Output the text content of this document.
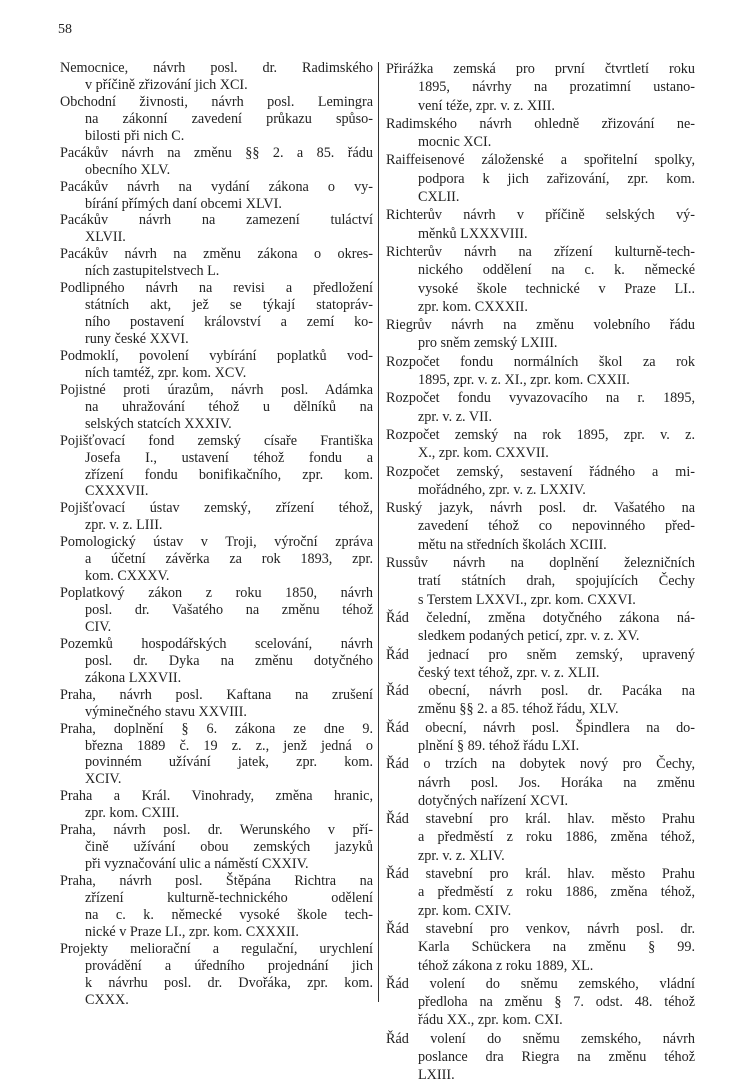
58
Nemocnice, návrh posl. dr. Radimského
v příčině zřizování jich XCI.
Obchodní živnosti, návrh posl. Lemingra
na zákonní zavedení průkazu spůso-
bilosti při nich C.
Pacákův návrh na změnu §§ 2. a 85. řádu
obecního XLV.
Pacákův návrh na vydání zákona o vy-
bírání přímých daní obcemi XLVI.
Pacákův návrh na zamezení tuláctví
XLVII.
Pacákův návrh na změnu zákona o okres-
ních zastupitelstvech L.
Podlipného návrh na revisi a předložení
státních akt, jež se týkají statopráv-
ního postavení království a zemí ko-
runy české XXVI.
Podmoklí, povolení vybírání poplatků vod-
ních tamtéž, zpr. kom. XCV.
Pojistné proti úrazům, návrh posl. Adámka
na uhražování téhož u dělníků na
selských statcích XXXIV.
Pojišťovací fond zemský císaře Františka
Josefa I., ustavení téhož fondu a
zřízení fondu bonifikačního, zpr. kom.
CXXXVII.
Pojišťovací ústav zemský, zřízení téhož,
zpr. v. z. LIII.
Pomologický ústav v Troji, výroční zpráva
a účetní závěrka za rok 1893, zpr.
kom. CXXXV.
Poplatkový zákon z roku 1850, návrh
posl. dr. Vašatého na změnu téhož
CIV.
Pozemků hospodářských scelování, návrh
posl. dr. Dyka na změnu dotyčného
zákona LXXVII.
Praha, návrh posl. Kaftana na zrušení
výminečného stavu XXVIII.
Praha, doplnění § 6. zákona ze dne 9.
března 1889 č. 19 z. z., jenž jedná o
povinném užívání jatek, zpr. kom.
XCIV.
Praha a Král. Vinohrady, změna hranic,
zpr. kom. CXIII.
Praha, návrh posl. dr. Werunského v pří-
čině užívání obou zemských jazyků
při vyznačování ulic a náměstí CXXIV.
Praha, návrh posl. Štěpána Richtra na
zřízení kulturně-technického odělení
na c. k. německé vysoké škole tech-
nické v Praze LI., zpr. kom. CXXXII.
Projekty meliorační a regulační, urychlení
provádění a úředního projednání jich
k návrhu posl. dr. Dvořáka, zpr. kom.
CXXX.
Přirážka zemská pro první čtvrtletí roku
1895, návrhy na prozatimní ustano-
vení téže, zpr. v. z. XIII.
Radimského návrh ohledně zřizování ne-
mocnic XCI.
Raiffeisenové záloženské a spořitelní spolky,
podpora k jich zařizování, zpr. kom.
CXLII.
Richterův návrh v příčině selských vý-
měnků LXXXVIII.
Richterův návrh na zřízení kulturně-tech-
nického oddělení na c. k. německé
vysoké škole technické v Praze LI..
zpr. kom. CXXXII.
Riegrův návrh na změnu volebního řádu
pro sněm zemský LXIII.
Rozpočet fondu normálních škol za rok
1895, zpr. v. z. XI., zpr. kom. CXXII.
Rozpočet fondu vyvazovacího na r. 1895,
zpr. v. z. VII.
Rozpočet zemský na rok 1895, zpr. v. z.
X., zpr. kom. CXXVII.
Rozpočet zemský, sestavení řádného a mi-
mořádného, zpr. v. z. LXXIV.
Ruský jazyk, návrh posl. dr. Vašatého na
zavedení téhož co nepovinného před-
mětu na středních školách XCIII.
Russův návrh na doplnění železničních
tratí státních drah, spojujících Čechy
s Terstem LXXVI., zpr. kom. CXXVI.
Řád čelední, změna dotyčného zákona ná-
sledkem podaných peticí, zpr. v. z. XV.
Řád jednací pro sněm zemský, upravený
český text téhož, zpr. v. z. XLII.
Řád obecní, návrh posl. dr. Pacáka na
změnu §§ 2. a 85. téhož řádu, XLV.
Řád obecní, návrh posl. Špindlera na do-
plnění § 89. téhož řádu LXI.
Řád o trzích na dobytek nový pro Čechy,
návrh posl. Jos. Horáka na změnu
dotyčných nařízení XCVI.
Řád stavební pro král. hlav. město Prahu
a předměstí z roku 1886, změna téhož,
zpr. v. z. XLIV.
Řád stavební pro král. hlav. město Prahu
a předměstí z roku 1886, změna téhož,
zpr. kom. CXIV.
Řád stavební pro venkov, návrh posl. dr.
Karla Schückera na změnu § 99.
téhož zákona z roku 1889, XL.
Řád volení do sněmu zemského, vládní
předloha na změnu § 7. odst. 48. téhož
řádu XX., zpr. kom. CXI.
Řád volení do sněmu zemského, návrh
poslance dra Riegra na změnu téhož
LXIII.
